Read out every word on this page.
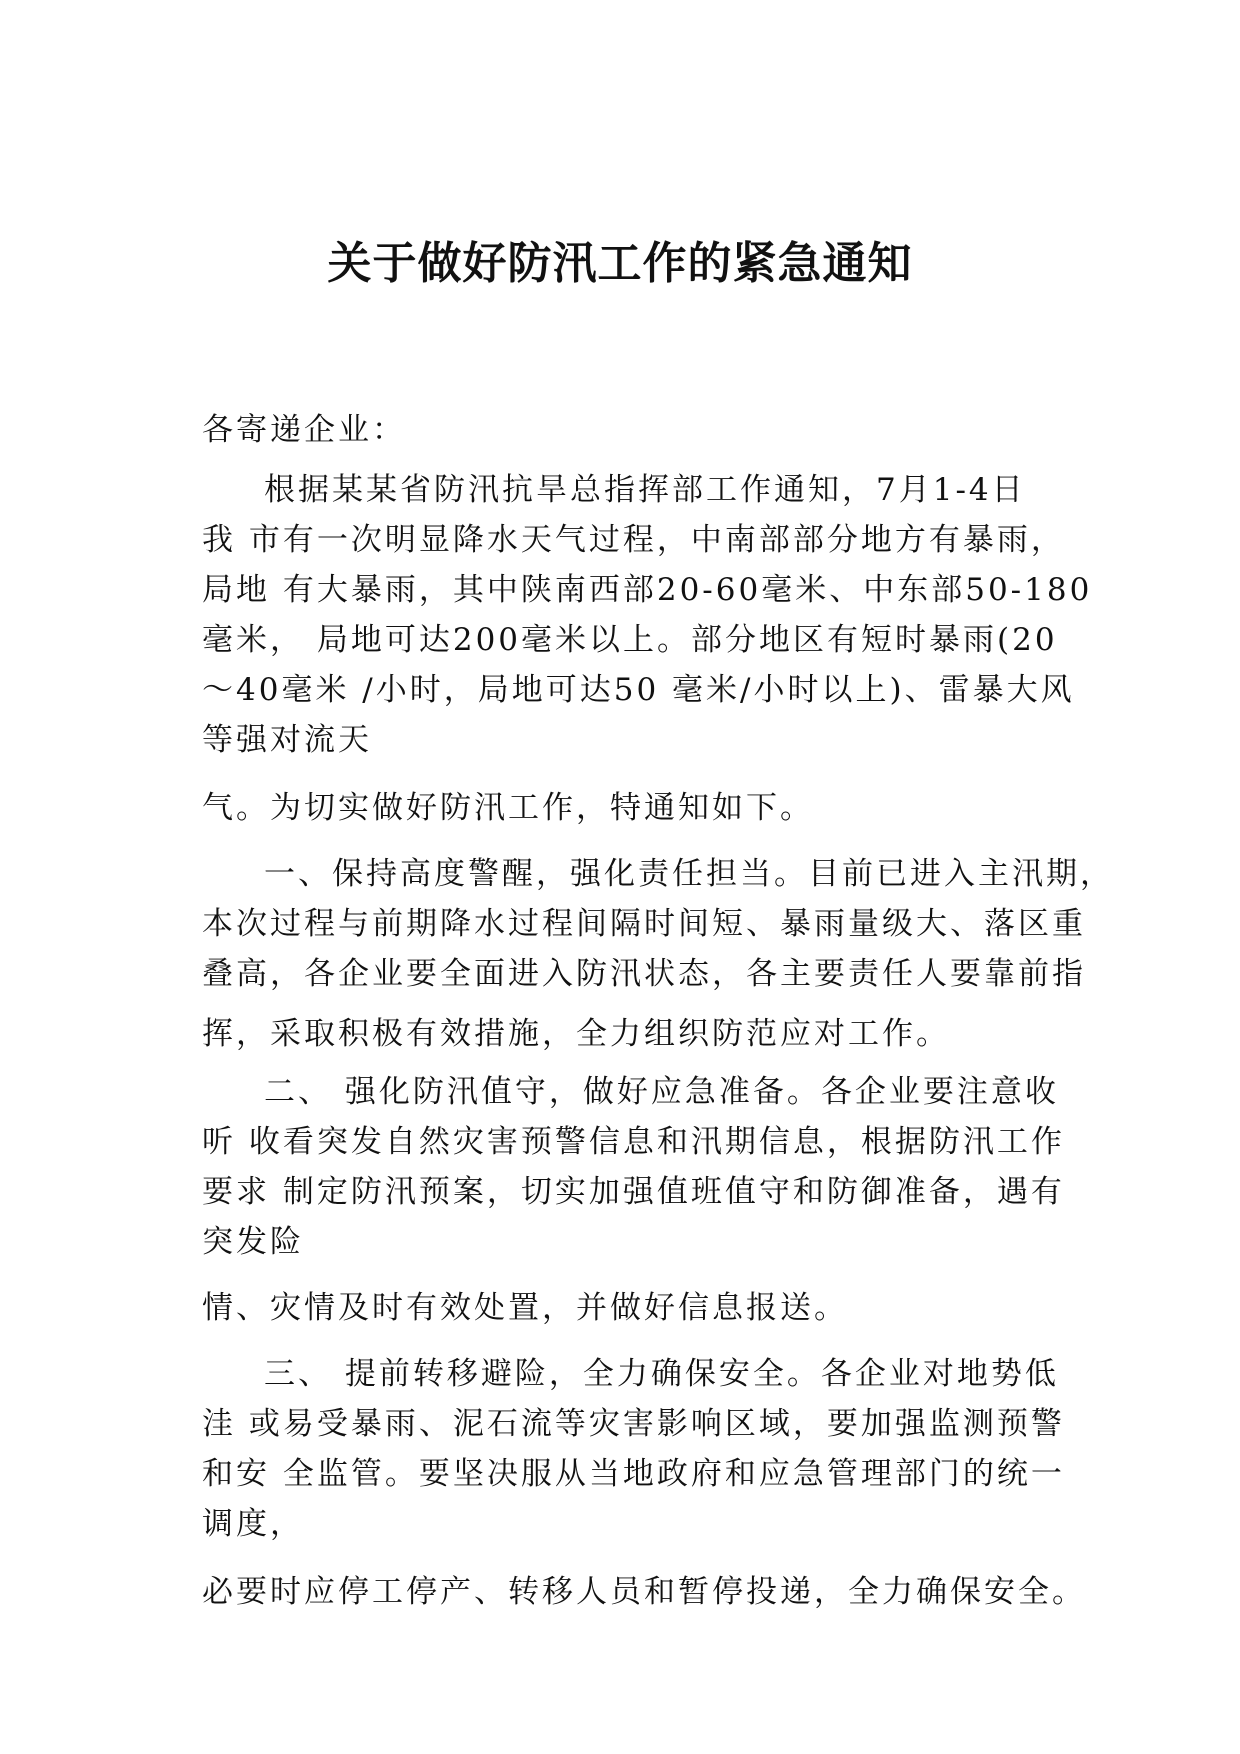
关于做好防汛工作的紧急通知
各寄递企业：
根据某某省防汛抗旱总指挥部工作通知，7月1-4日
我 市有一次明显降水天气过程，中南部部分地方有暴雨，
局地 有大暴雨，其中陕南西部20-60毫米、中东部50-180
毫米， 局地可达200毫米以上。部分地区有短时暴雨(20
～40毫米 /小时，局地可达50 毫米/小时以上)、雷暴大风
等强对流天
气。为切实做好防汛工作，特通知如下。
一、保持高度警醒，强化责任担当。目前已进入主汛期，
本次过程与前期降水过程间隔时间短、暴雨量级大、落区重
叠高，各企业要全面进入防汛状态，各主要责任人要靠前指
挥，采取积极有效措施，全力组织防范应对工作。
二、 强化防汛值守，做好应急准备。各企业要注意收
听 收看突发自然灾害预警信息和汛期信息，根据防汛工作
要求 制定防汛预案，切实加强值班值守和防御准备，遇有
突发险
情、灾情及时有效处置，并做好信息报送。
三、 提前转移避险，全力确保安全。各企业对地势低
洼 或易受暴雨、泥石流等灾害影响区域，要加强监测预警
和安 全监管。要坚决服从当地政府和应急管理部门的统一
调度，
必要时应停工停产、转移人员和暂停投递，全力确保安全。
